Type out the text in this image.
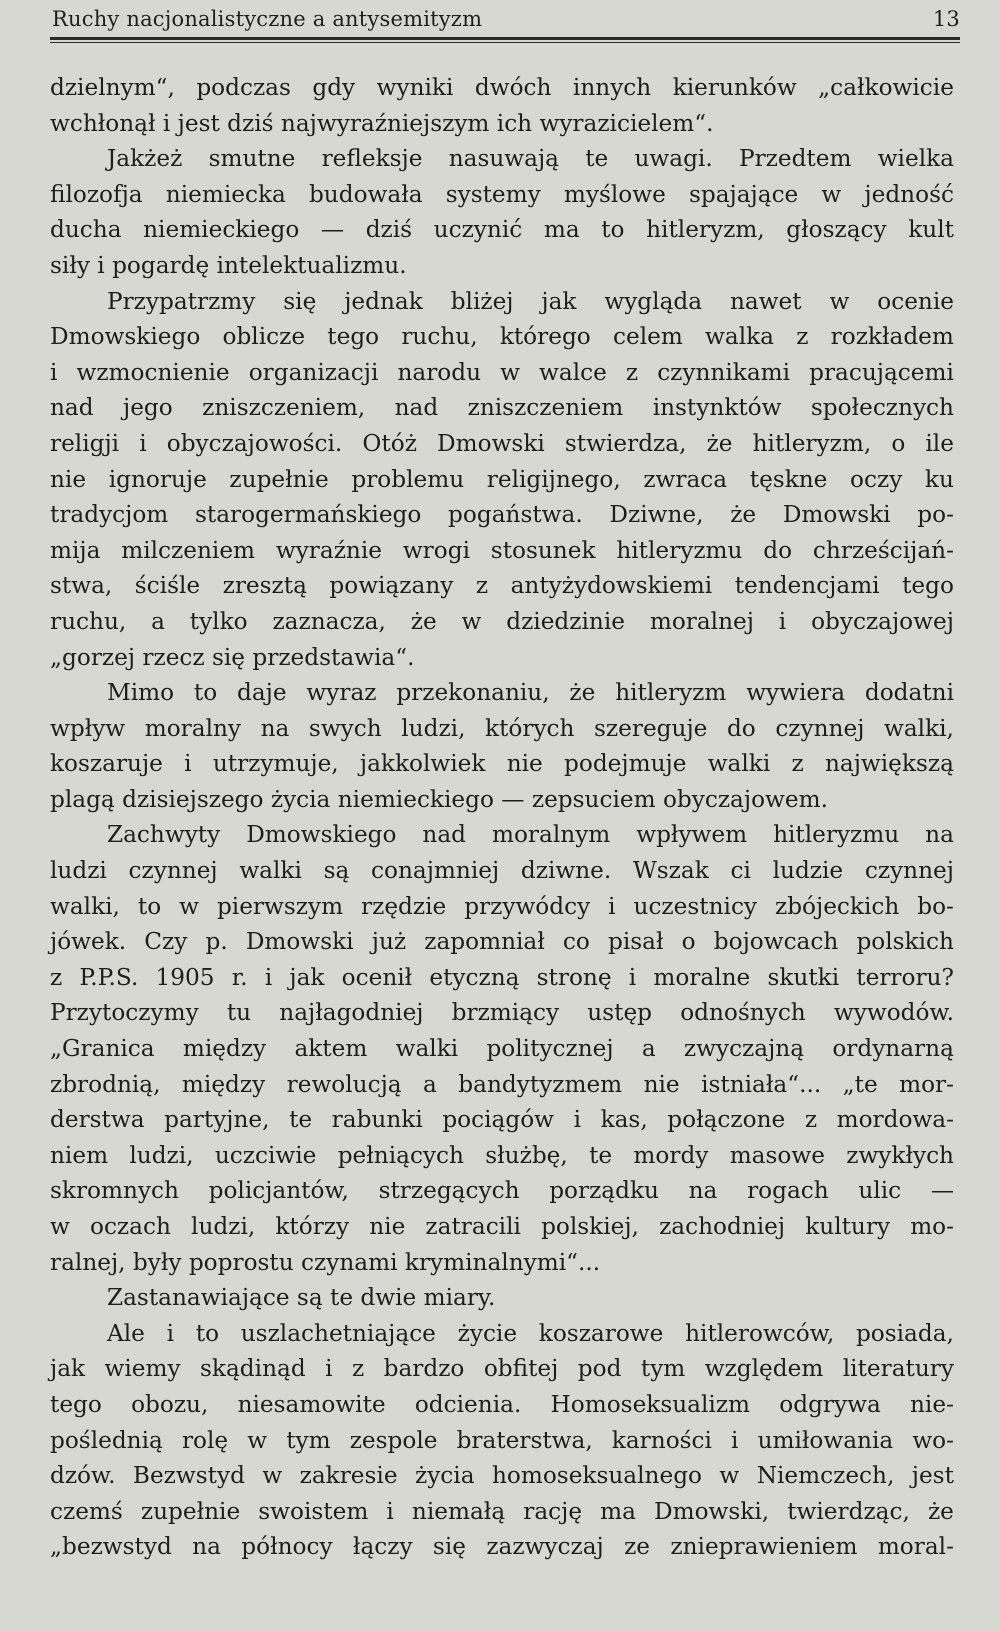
Ruchy nacjonalistyczne a antysemityzm	13
dzielnym“, podczas gdy wyniki dwóch innych kierunków „całkowicie
wchłonął i jest dziś najwyraźniejszym ich wyrazicielem“.
Jakżeż smutne refleksje nasuwają te uwagi. Przedtem wielka
filozofja niemiecka budowała systemy myślowe spajające w jedność
ducha niemieckiego — dziś uczynić ma to hitleryzm, głoszący kult
siły i pogardę intelektualizmu.
Przypatrzmy się jednak bliżej jak wygląda nawet w ocenie
Dmowskiego oblicze tego ruchu, którego celem walka z rozkładem
i wzmocnienie organizacji narodu w walce z czynnikami pracującemi
nad jego zniszczeniem, nad zniszczeniem instynktów społecznych
religji i obyczajowości. Otóż Dmowski stwierdza, że hitleryzm, o ile
nie ignoruje zupełnie problemu religijnego, zwraca tęskne oczy ku
tradycjom starogermańskiego pogaństwa. Dziwne, że Dmowski po-
mija milczeniem wyraźnie wrogi stosunek hitleryzmu do chrześcijań-
stwa, ściśle zresztą powiązany z antyżydowskiemi tendencjami tego
ruchu, a tylko zaznacza, że w dziedzinie moralnej i obyczajowej
„gorzej rzecz się przedstawia“.
Mimo to daje wyraz przekonaniu, że hitleryzm wywiera dodatni
wpływ moralny na swych ludzi, których szereguje do czynnej walki,
koszaruje i utrzymuje, jakkolwiek nie podejmuje walki z największą
plagą dzisiejszego życia niemieckiego — zepsuciem obyczajowem.
Zachwyty Dmowskiego nad moralnym wpływem hitleryzmu na
ludzi czynnej walki są conajmniej dziwne. Wszak ci ludzie czynnej
walki, to w pierwszym rzędzie przywódcy i uczestnicy zbójeckich bo-
jówek. Czy p. Dmowski już zapomniał co pisał o bojowcach polskich
z P.P.S. 1905 r. i jak ocenił etyczną stronę i moralne skutki terroru?
Przytoczymy tu najłagodniej brzmiący ustęp odnośnych wywodów.
„Granica między aktem walki politycznej a zwyczajną ordynarną
zbrodnią, między rewolucją a bandytyzmem nie istniała“... „te mor-
derstwa partyjne, te rabunki pociągów i kas, połączone z mordowa-
niem ludzi, uczciwie pełniących służbę, te mordy masowe zwykłych
skromnych policjantów, strzegących porządku na rogach ulic —
w oczach ludzi, którzy nie zatracili polskiej, zachodniej kultury mo-
ralnej, były poprostu czynami kryminalnymi“...
Zastanawiające są te dwie miary.
Ale i to uszlachetniające życie koszarowe hitlerowców, posiada,
jak wiemy skądinąd i z bardzo obfitej pod tym względem literatury
tego obozu, niesamowite odcienia. Homoseksualizm odgrywa nie-
poślednią rolę w tym zespole braterstwa, karności i umiłowania wo-
dzów. Bezwstyd w zakresie życia homoseksualnego w Niemczech, jest
czemś zupełnie swoistem i niemałą rację ma Dmowski, twierdząc, że
„bezwstyd na północy łączy się zazwyczaj ze znieprawieniem moral-
